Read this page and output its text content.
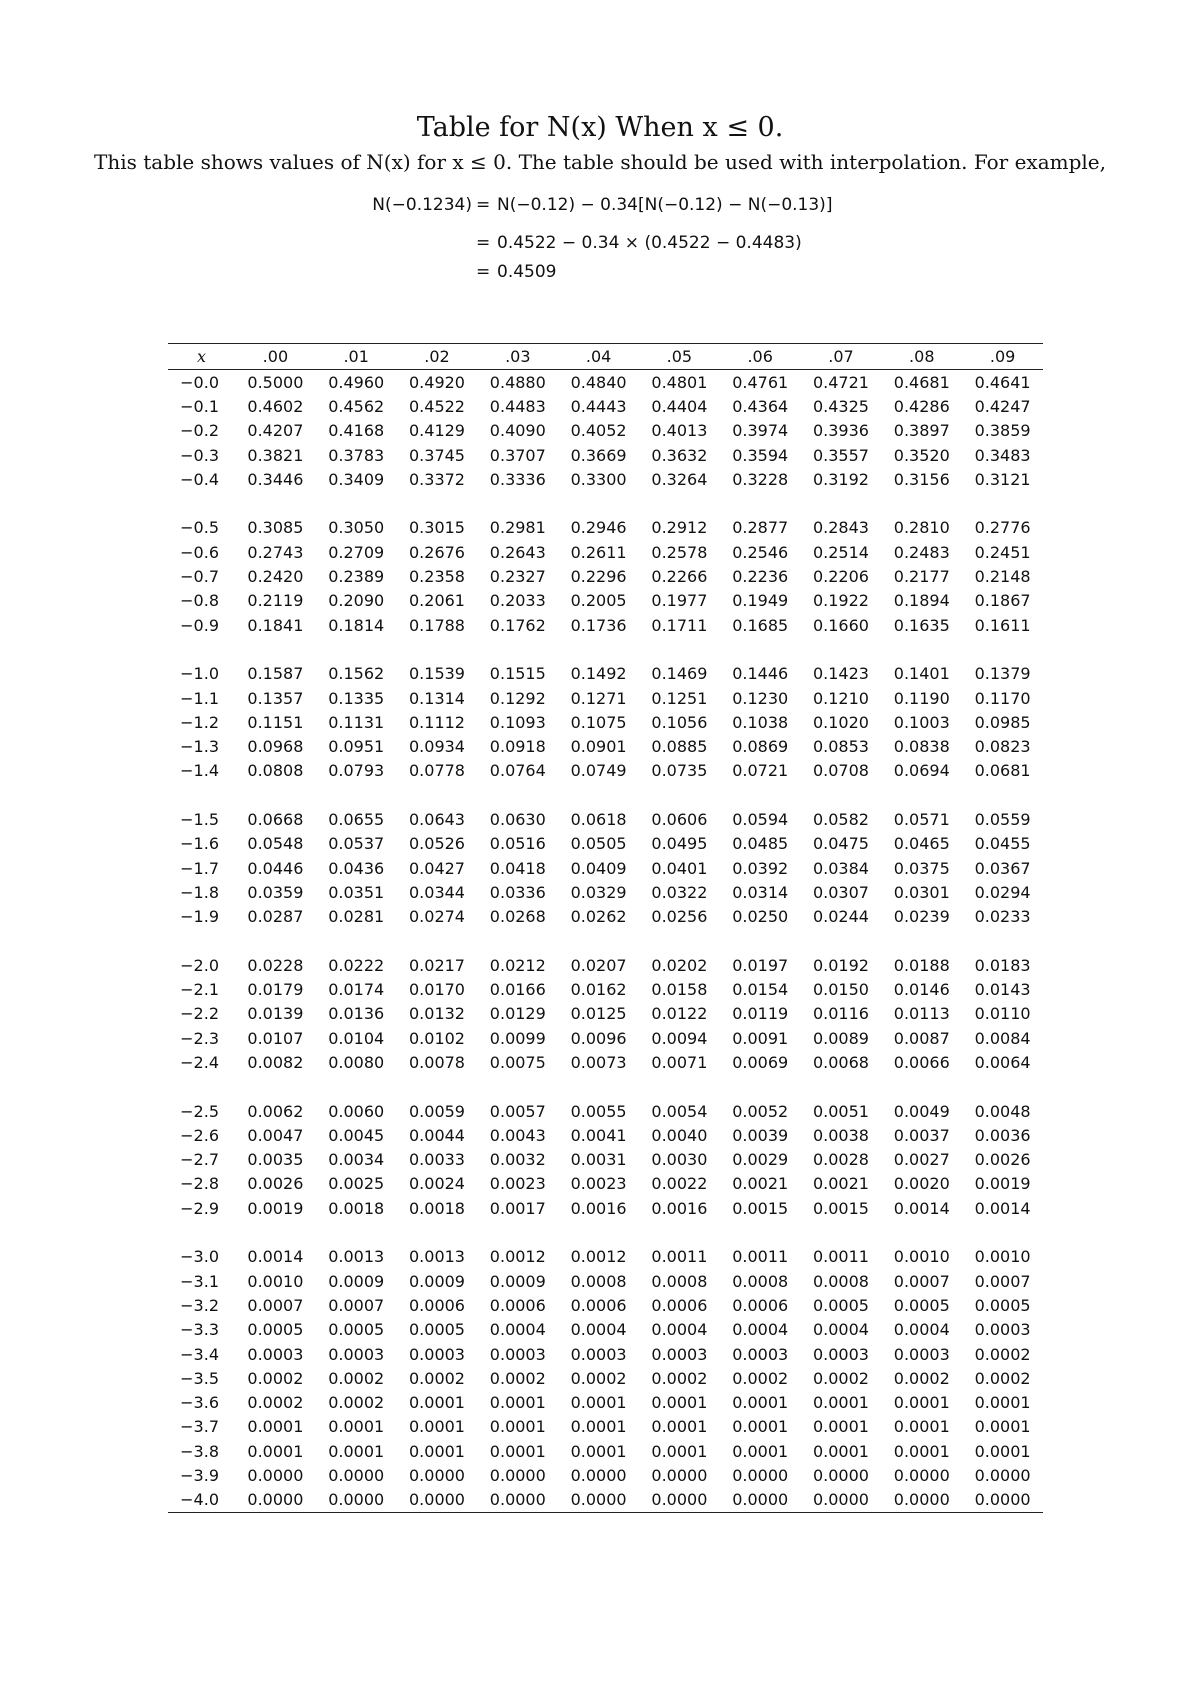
Table for N(x) When x ≤ 0.
This table shows values of N(x) for x ≤ 0. The table should be used with interpolation. For example,
N(−0.1234) = N(−0.12) − 0.34[N(−0.12) − N(−0.13)]
= 0.4522 − 0.34 × (0.4522 − 0.4483)
= 0.4509
x	.00	.01	.02	.03	.04	.05	.06	.07	.08	.09
−0.0	0.5000	0.4960	0.4920	0.4880	0.4840	0.4801	0.4761	0.4721	0.4681	0.4641
−0.1	0.4602	0.4562	0.4522	0.4483	0.4443	0.4404	0.4364	0.4325	0.4286	0.4247
−0.2	0.4207	0.4168	0.4129	0.4090	0.4052	0.4013	0.3974	0.3936	0.3897	0.3859
−0.3	0.3821	0.3783	0.3745	0.3707	0.3669	0.3632	0.3594	0.3557	0.3520	0.3483
−0.4	0.3446	0.3409	0.3372	0.3336	0.3300	0.3264	0.3228	0.3192	0.3156	0.3121

−0.5	0.3085	0.3050	0.3015	0.2981	0.2946	0.2912	0.2877	0.2843	0.2810	0.2776
−0.6	0.2743	0.2709	0.2676	0.2643	0.2611	0.2578	0.2546	0.2514	0.2483	0.2451
−0.7	0.2420	0.2389	0.2358	0.2327	0.2296	0.2266	0.2236	0.2206	0.2177	0.2148
−0.8	0.2119	0.2090	0.2061	0.2033	0.2005	0.1977	0.1949	0.1922	0.1894	0.1867
−0.9	0.1841	0.1814	0.1788	0.1762	0.1736	0.1711	0.1685	0.1660	0.1635	0.1611

−1.0	0.1587	0.1562	0.1539	0.1515	0.1492	0.1469	0.1446	0.1423	0.1401	0.1379
−1.1	0.1357	0.1335	0.1314	0.1292	0.1271	0.1251	0.1230	0.1210	0.1190	0.1170
−1.2	0.1151	0.1131	0.1112	0.1093	0.1075	0.1056	0.1038	0.1020	0.1003	0.0985
−1.3	0.0968	0.0951	0.0934	0.0918	0.0901	0.0885	0.0869	0.0853	0.0838	0.0823
−1.4	0.0808	0.0793	0.0778	0.0764	0.0749	0.0735	0.0721	0.0708	0.0694	0.0681

−1.5	0.0668	0.0655	0.0643	0.0630	0.0618	0.0606	0.0594	0.0582	0.0571	0.0559
−1.6	0.0548	0.0537	0.0526	0.0516	0.0505	0.0495	0.0485	0.0475	0.0465	0.0455
−1.7	0.0446	0.0436	0.0427	0.0418	0.0409	0.0401	0.0392	0.0384	0.0375	0.0367
−1.8	0.0359	0.0351	0.0344	0.0336	0.0329	0.0322	0.0314	0.0307	0.0301	0.0294
−1.9	0.0287	0.0281	0.0274	0.0268	0.0262	0.0256	0.0250	0.0244	0.0239	0.0233

−2.0	0.0228	0.0222	0.0217	0.0212	0.0207	0.0202	0.0197	0.0192	0.0188	0.0183
−2.1	0.0179	0.0174	0.0170	0.0166	0.0162	0.0158	0.0154	0.0150	0.0146	0.0143
−2.2	0.0139	0.0136	0.0132	0.0129	0.0125	0.0122	0.0119	0.0116	0.0113	0.0110
−2.3	0.0107	0.0104	0.0102	0.0099	0.0096	0.0094	0.0091	0.0089	0.0087	0.0084
−2.4	0.0082	0.0080	0.0078	0.0075	0.0073	0.0071	0.0069	0.0068	0.0066	0.0064

−2.5	0.0062	0.0060	0.0059	0.0057	0.0055	0.0054	0.0052	0.0051	0.0049	0.0048
−2.6	0.0047	0.0045	0.0044	0.0043	0.0041	0.0040	0.0039	0.0038	0.0037	0.0036
−2.7	0.0035	0.0034	0.0033	0.0032	0.0031	0.0030	0.0029	0.0028	0.0027	0.0026
−2.8	0.0026	0.0025	0.0024	0.0023	0.0023	0.0022	0.0021	0.0021	0.0020	0.0019
−2.9	0.0019	0.0018	0.0018	0.0017	0.0016	0.0016	0.0015	0.0015	0.0014	0.0014

−3.0	0.0014	0.0013	0.0013	0.0012	0.0012	0.0011	0.0011	0.0011	0.0010	0.0010
−3.1	0.0010	0.0009	0.0009	0.0009	0.0008	0.0008	0.0008	0.0008	0.0007	0.0007
−3.2	0.0007	0.0007	0.0006	0.0006	0.0006	0.0006	0.0006	0.0005	0.0005	0.0005
−3.3	0.0005	0.0005	0.0005	0.0004	0.0004	0.0004	0.0004	0.0004	0.0004	0.0003
−3.4	0.0003	0.0003	0.0003	0.0003	0.0003	0.0003	0.0003	0.0003	0.0003	0.0002
−3.5	0.0002	0.0002	0.0002	0.0002	0.0002	0.0002	0.0002	0.0002	0.0002	0.0002
−3.6	0.0002	0.0002	0.0001	0.0001	0.0001	0.0001	0.0001	0.0001	0.0001	0.0001
−3.7	0.0001	0.0001	0.0001	0.0001	0.0001	0.0001	0.0001	0.0001	0.0001	0.0001
−3.8	0.0001	0.0001	0.0001	0.0001	0.0001	0.0001	0.0001	0.0001	0.0001	0.0001
−3.9	0.0000	0.0000	0.0000	0.0000	0.0000	0.0000	0.0000	0.0000	0.0000	0.0000
−4.0	0.0000	0.0000	0.0000	0.0000	0.0000	0.0000	0.0000	0.0000	0.0000	0.0000
